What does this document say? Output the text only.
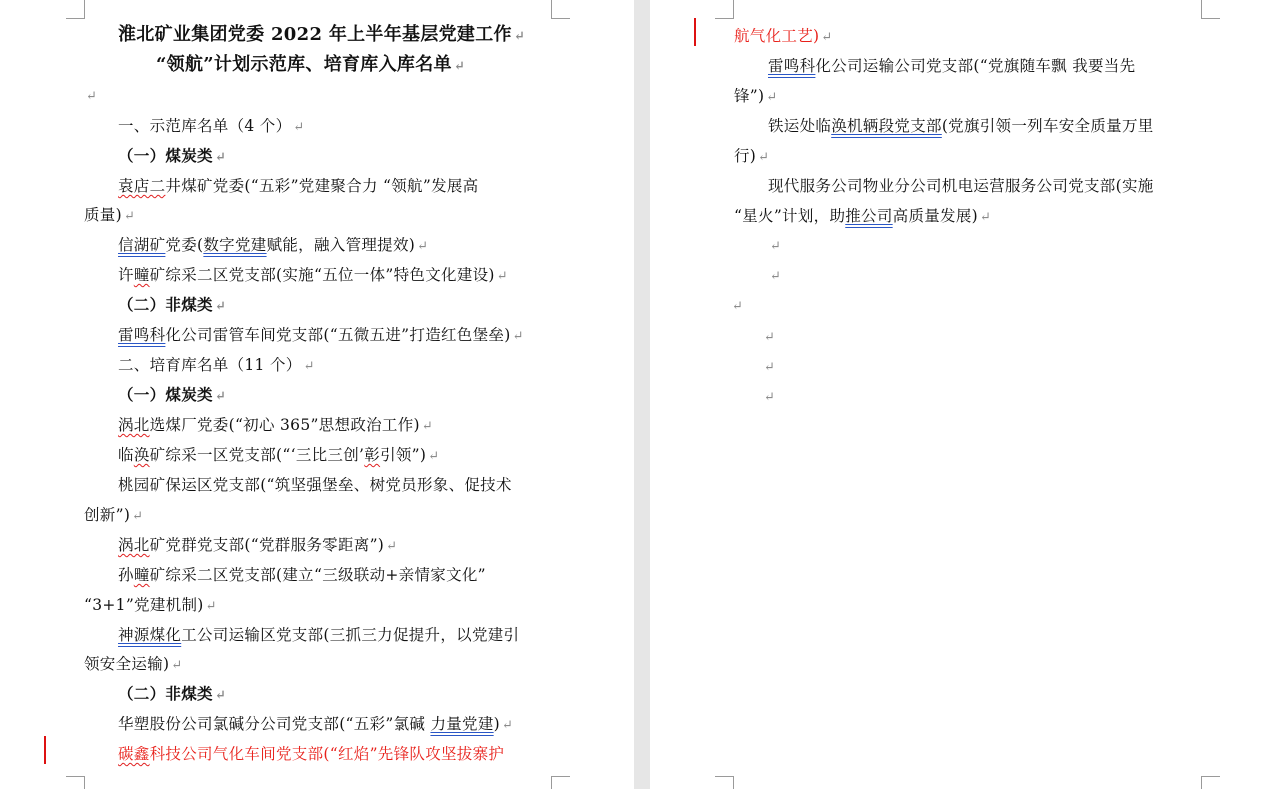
淮北矿业集团党委 2022 年上半年基层党建工作 ↵
“领航”计划示范库、培育库入库名单 ↵
↵
一、示范库名单（4 个） ↵
（一）煤炭类 ↵
袁店二井煤矿党委(“五彩”党建聚合力 “领航”发展高
质量) ↵
信湖矿党委(数字党建赋能，融入管理提效) ↵
许疃矿综采二区党支部(实施“五位一体”特色文化建设) ↵
（二）非煤类 ↵
雷鸣科化公司雷管车间党支部(“五微五进”打造红色堡垒) ↵
二、培育库名单（11 个） ↵
（一）煤炭类 ↵
涡北选煤厂党委(“初心 365”思想政治工作) ↵
临涣矿综采一区党支部(“‘三比三创’彰引领”) ↵
桃园矿保运区党支部(“筑坚强堡垒、树党员形象、促技术
创新”) ↵
涡北矿党群党支部(“党群服务零距离”) ↵
孙疃矿综采二区党支部(建立“三级联动+亲情家文化”
“3+1”党建机制) ↵
神源煤化工公司运输区党支部(三抓三力促提升，以党建引
领安全运输) ↵
（二）非煤类 ↵
华塑股份公司氯碱分公司党支部(“五彩”氯碱 力量党建) ↵
碳鑫科技公司气化车间党支部(“红焰”先锋队攻坚拔寨护
航气化工艺) ↵
雷鸣科化公司运输公司党支部(“党旗随车飘 我要当先
锋”) ↵
铁运处临涣机辆段党支部(党旗引领一列车安全质量万里
行) ↵
现代服务公司物业分公司机电运营服务公司党支部(实施
“星火”计划，助推公司高质量发展) ↵
↵
↵
↵
↵
↵
↵
